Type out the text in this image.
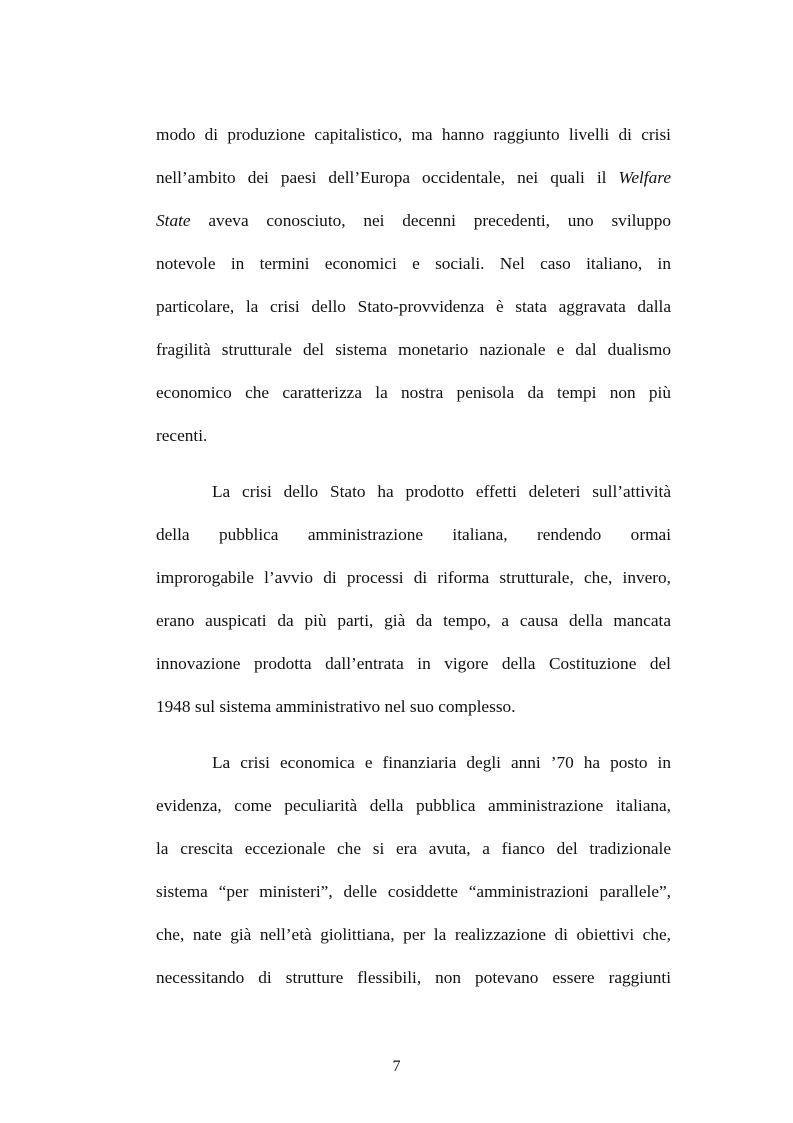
modo di produzione capitalistico, ma hanno raggiunto livelli di crisi
nell’ambito dei paesi dell’Europa occidentale, nei quali il Welfare
State aveva conosciuto, nei decenni precedenti, uno sviluppo
notevole in termini economici e sociali. Nel caso italiano, in
particolare, la crisi dello Stato-provvidenza è stata aggravata dalla
fragilità strutturale del sistema monetario nazionale e dal dualismo
economico che caratterizza la nostra penisola da tempi non più
recenti.
La crisi dello Stato ha prodotto effetti deleteri sull’attività
della pubblica amministrazione italiana, rendendo ormai
improrogabile l’avvio di processi di riforma strutturale, che, invero,
erano auspicati da più parti, già da tempo, a causa della mancata
innovazione prodotta dall’entrata in vigore della Costituzione del
1948 sul sistema amministrativo nel suo complesso.
La crisi economica e finanziaria degli anni ’70 ha posto in
evidenza, come peculiarità della pubblica amministrazione italiana,
la crescita eccezionale che si era avuta, a fianco del tradizionale
sistema “per ministeri”, delle cosiddette “amministrazioni parallele”,
che, nate già nell’età giolittiana, per la realizzazione di obiettivi che,
necessitando di strutture flessibili, non potevano essere raggiunti
7
